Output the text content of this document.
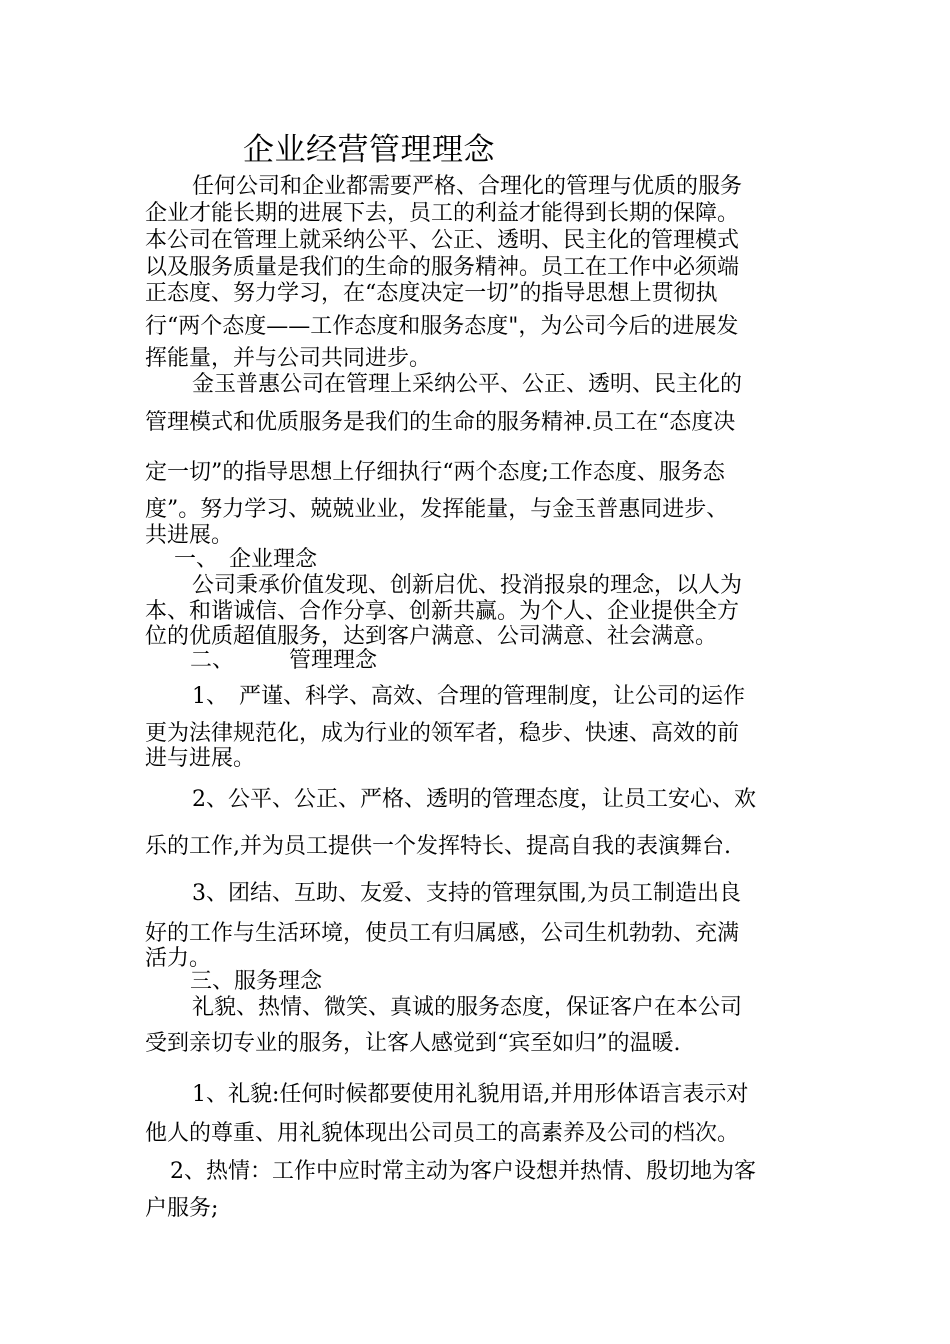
企业经营管理理念
任何公司和企业都需要严格、合理化的管理与优质的服务
企业才能长期的进展下去，员工的利益才能得到长期的保障。
本公司在管理上就采纳公平、公正、透明、民主化的管理模式
以及服务质量是我们的生命的服务精神。员工在工作中必须端
正态度、努力学习，在“态度决定一切”的指导思想上贯彻执
行“两个态度——工作态度和服务态度"，为公司今后的进展发
挥能量，并与公司共同进步。
金玉普惠公司在管理上采纳公平、公正、透明、民主化的
管理模式和优质服务是我们的生命的服务精神.员工在“态度决
定一切”的指导思想上仔细执行“两个态度;工作态度、服务态
度”。努力学习、兢兢业业，发挥能量，与金玉普惠同进步、
共进展。
一、　企业理念
公司秉承价值发现、创新启优、投消报泉的理念，以人为
本、和谐诚信、合作分享、创新共赢。为个人、企业提供全方
位的优质超值服务，达到客户满意、公司满意、社会满意。
二、　　　管理理念
1、　严谨、科学、高效、合理的管理制度，让公司的运作
更为法律规范化，成为行业的领军者，稳步、快速、高效的前
进与进展。
2、公平、公正、严格、透明的管理态度，让员工安心、欢
乐的工作,并为员工提供一个发挥特长、提高自我的表演舞台.
3、团结、互助、友爱、支持的管理氛围,为员工制造出良
好的工作与生活环境，使员工有归属感，公司生机勃勃、充满
活力。
三、服务理念
礼貌、热情、微笑、真诚的服务态度，保证客户在本公司
受到亲切专业的服务，让客人感觉到“宾至如归”的温暖.
1、礼貌:任何时候都要使用礼貌用语,并用形体语言表示对
他人的尊重、用礼貌体现出公司员工的高素养及公司的档次。
2、热情：工作中应时常主动为客户设想并热情、殷切地为客
户服务;
